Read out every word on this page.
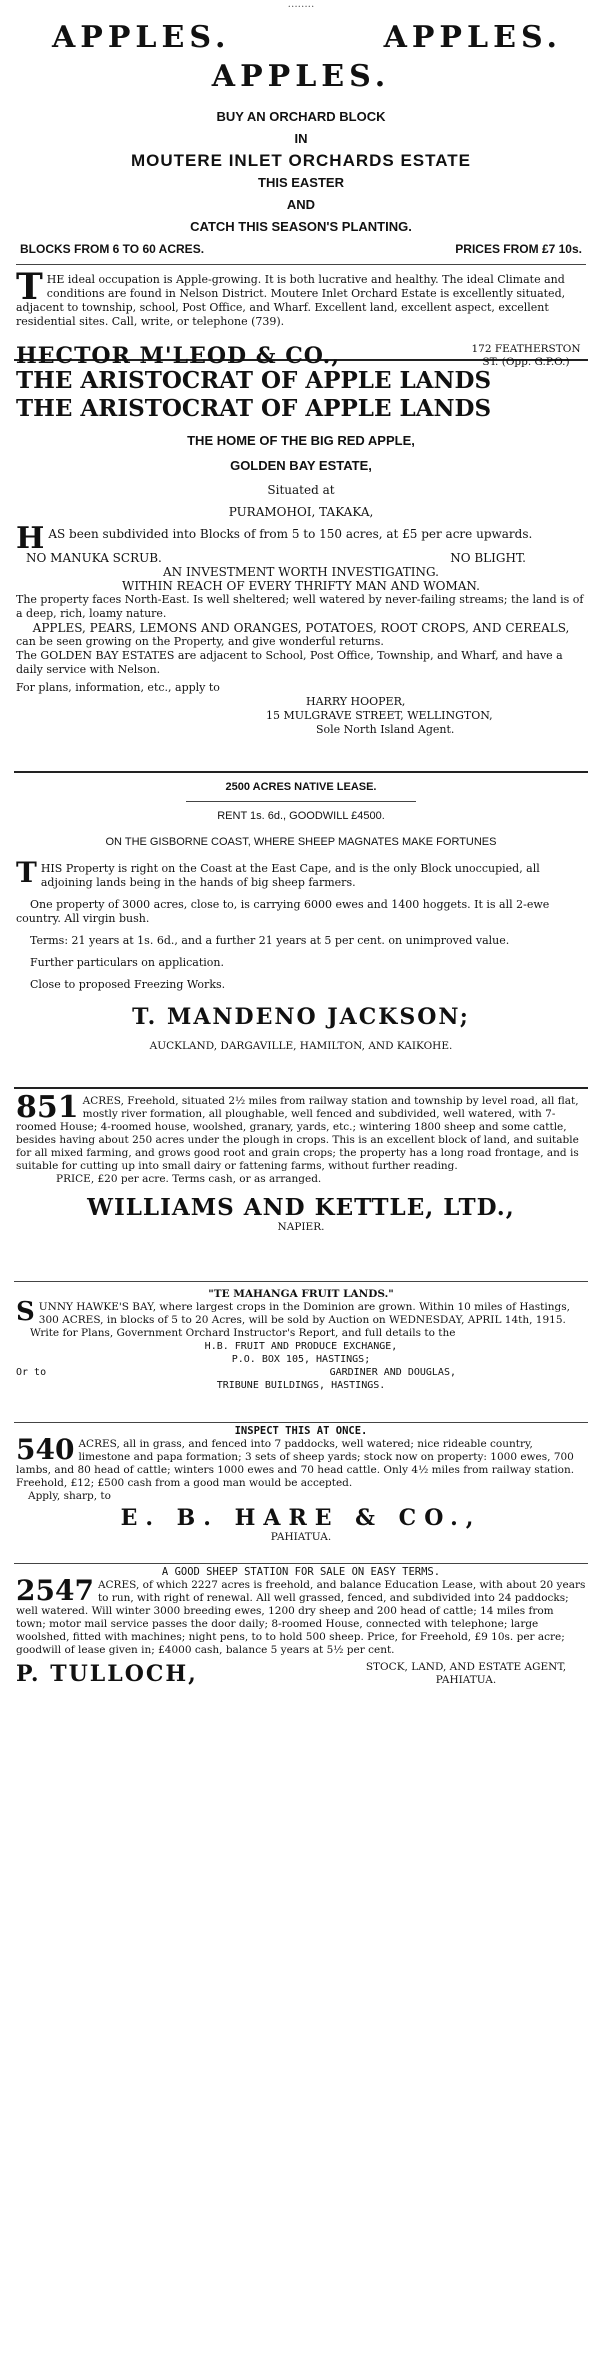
........
APPLES.	APPLES.
APPLES.
BUY AN ORCHARD BLOCK
IN
MOUTERE INLET ORCHARDS ESTATE
THIS EASTER
AND
CATCH THIS SEASON'S PLANTING.
BLOCKS FROM 6 TO 60 ACRES.	PRICES FROM £7 10s.
T HE ideal occupation is Apple-growing. It is both lucrative and healthy. The ideal Climate and conditions are found in Nelson District. Moutere Inlet Orchard Estate is excellently situated, adjacent to township, school, Post Office, and Wharf. Excellent land, excellent aspect, excellent residential sites. Call, write, or telephone (739).
HECTOR M'LEOD & CO.,	172 FEATHERSTON ST. (Opp. G.P.O.)
THE ARISTOCRAT OF APPLE LANDS
THE ARISTOCRAT OF APPLE LANDS
THE HOME OF THE BIG RED APPLE,
GOLDEN BAY ESTATE,
Situated at
PURAMOHOI, TAKAKA,
H AS been subdivided into Blocks of from 5 to 150 acres, at £5 per acre upwards.
NO MANUKA SCRUB.	NO BLIGHT.
AN INVESTMENT WORTH INVESTIGATING.
WITHIN REACH OF EVERY THRIFTY MAN AND WOMAN.
The property faces North-East. Is well sheltered; well watered by never-failing streams; the land is of a deep, rich, loamy nature.
APPLES, PEARS, LEMONS AND ORANGES, POTATOES, ROOT CROPS, AND CEREALS,
can be seen growing on the Property, and give wonderful returns.
The GOLDEN BAY ESTATES are adjacent to School, Post Office, Township, and Wharf, and have a daily service with Nelson.
For plans, information, etc., apply to
HARRY HOOPER,
15 MULGRAVE STREET, WELLINGTON,
Sole North Island Agent.
2500 ACRES NATIVE LEASE.
RENT 1s. 6d., GOODWILL £4500.
ON THE GISBORNE COAST, WHERE SHEEP MAGNATES MAKE FORTUNES
T HIS Property is right on the Coast at the East Cape, and is the only Block unoccupied, all adjoining lands being in the hands of big sheep farmers.
One property of 3000 acres, close to, is carrying 6000 ewes and 1400 hoggets. It is all 2-ewe country. All virgin bush.
Terms: 21 years at 1s. 6d., and a further 21 years at 5 per cent. on unimproved value.
Further particulars on application.
Close to proposed Freezing Works.
T. MANDENO JACKSON;
AUCKLAND, DARGAVILLE, HAMILTON, AND KAIKOHE.
851 ACRES, Freehold, situated 2½ miles from railway station and township by level road, all flat, mostly river formation, all ploughable, well fenced and subdivided, well watered, with 7-roomed House; 4-roomed house, woolshed, granary, yards, etc.; wintering 1800 sheep and some cattle, besides having about 250 acres under the plough in crops. This is an excellent block of land, and suitable for all mixed farming, and grows good root and grain crops; the property has a long road frontage, and is suitable for cutting up into small dairy or fattening farms, without further reading.
PRICE, £20 per acre. Terms cash, or as arranged.
WILLIAMS AND KETTLE, LTD.,
NAPIER.
"TE MAHANGA FRUIT LANDS."
S UNNY HAWKE'S BAY, where largest crops in the Dominion are grown. Within 10 miles of Hastings, 300 ACRES, in blocks of 5 to 20 Acres, will be sold by Auction on WEDNESDAY, APRIL 14th, 1915.
Write for Plans, Government Orchard Instructor's Report, and full details to the
H.B. FRUIT AND PRODUCE EXCHANGE,
P.O. BOX 105, HASTINGS;
Or to	GARDINER AND DOUGLAS,
TRIBUNE BUILDINGS, HASTINGS.
INSPECT THIS AT ONCE.
540 ACRES, all in grass, and fenced into 7 paddocks, well watered; nice rideable country, limestone and papa formation; 3 sets of sheep yards; stock now on property: 1000 ewes, 700 lambs, and 80 head of cattle; winters 1000 ewes and 70 head cattle. Only 4½ miles from railway station. Freehold, £12; £500 cash from a good man would be accepted.
Apply, sharp, to
E. B. HARE & CO.,
PAHIATUA.
A GOOD SHEEP STATION FOR SALE ON EASY TERMS.
2547 ACRES, of which 2227 acres is freehold, and balance Education Lease, with about 20 years to run, with right of renewal. All well grassed, fenced, and subdivided into 24 paddocks; well watered. Will winter 3000 breeding ewes, 1200 dry sheep and 200 head of cattle; 14 miles from town; motor mail service passes the door daily; 8-roomed House, connected with telephone; large woolshed, fitted with machines; night pens, to to hold 500 sheep. Price, for Freehold, £9 10s. per acre; goodwill of lease given in; £4000 cash, balance 5 years at 5½ per cent.
P. TULLOCH,	STOCK, LAND, AND ESTATE AGENT,
PAHIATUA.
